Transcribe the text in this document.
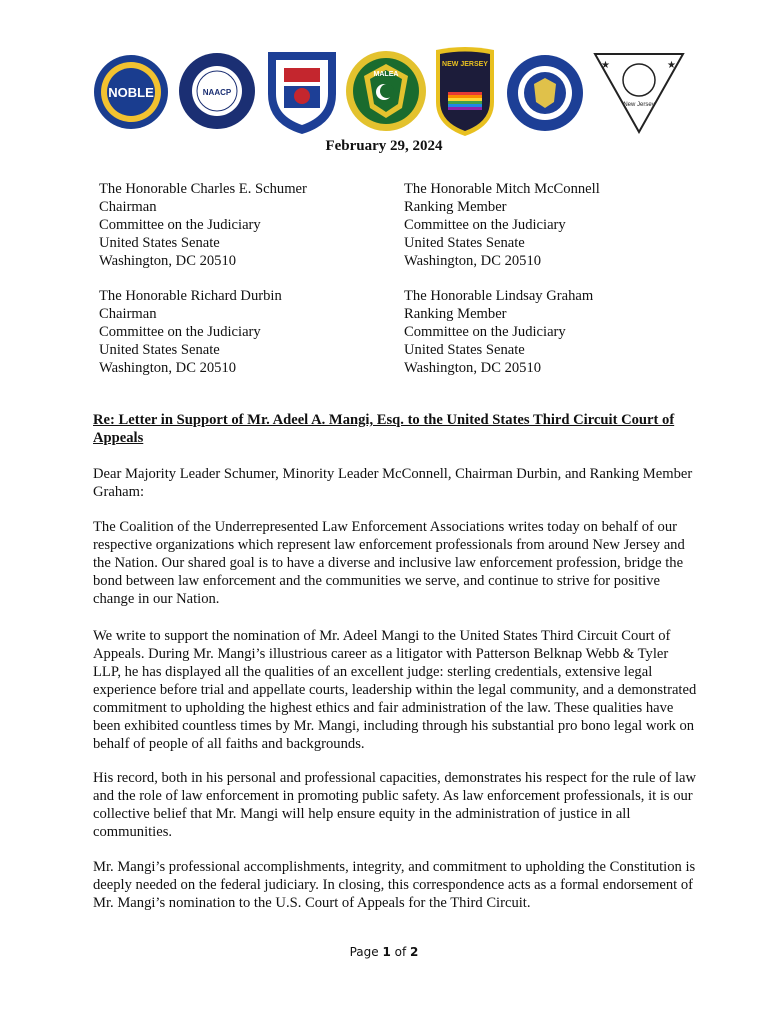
NOBLE	NAACP
MALEA
NEW JERSEY
New Jersey
★	★
February 29, 2024
The Honorable Charles E. Schumer
Chairman
Committee on the Judiciary
United States Senate
Washington, DC 20510
The Honorable Mitch McConnell
Ranking Member
Committee on the Judiciary
United States Senate
Washington, DC 20510
The Honorable Richard Durbin
Chairman
Committee on the Judiciary
United States Senate
Washington, DC 20510
The Honorable Lindsay Graham
Ranking Member
Committee on the Judiciary
United States Senate
Washington, DC 20510
Re: Letter in Support of Mr. Adeel A. Mangi, Esq. to the United States Third Circuit Court of Appeals
Dear Majority Leader Schumer, Minority Leader McConnell, Chairman Durbin, and Ranking Member Graham:
The Coalition of the Underrepresented Law Enforcement Associations writes today on behalf of our respective organizations which represent law enforcement professionals from around New Jersey and the Nation. Our shared goal is to have a diverse and inclusive law enforcement profession, bridge the bond between law enforcement and the communities we serve, and continue to strive for positive change in our Nation.
We write to support the nomination of Mr. Adeel Mangi to the United States Third Circuit Court of Appeals. During Mr. Mangi’s illustrious career as a litigator with Patterson Belknap Webb & Tyler LLP, he has displayed all the qualities of an excellent judge: sterling credentials, extensive legal experience before trial and appellate courts, leadership within the legal community, and a demonstrated commitment to upholding the highest ethics and fair administration of the law. These qualities have been exhibited countless times by Mr. Mangi, including through his substantial pro bono legal work on behalf of people of all faiths and backgrounds.
His record, both in his personal and professional capacities, demonstrates his respect for the rule of law and the role of law enforcement in promoting public safety. As law enforcement professionals, it is our collective belief that Mr. Mangi will help ensure equity in the administration of justice in all communities.
Mr. Mangi’s professional accomplishments, integrity, and commitment to upholding the Constitution is deeply needed on the federal judiciary. In closing, this correspondence acts as a formal endorsement of Mr. Mangi’s nomination to the U.S. Court of Appeals for the Third Circuit.
Page 1 of 2
